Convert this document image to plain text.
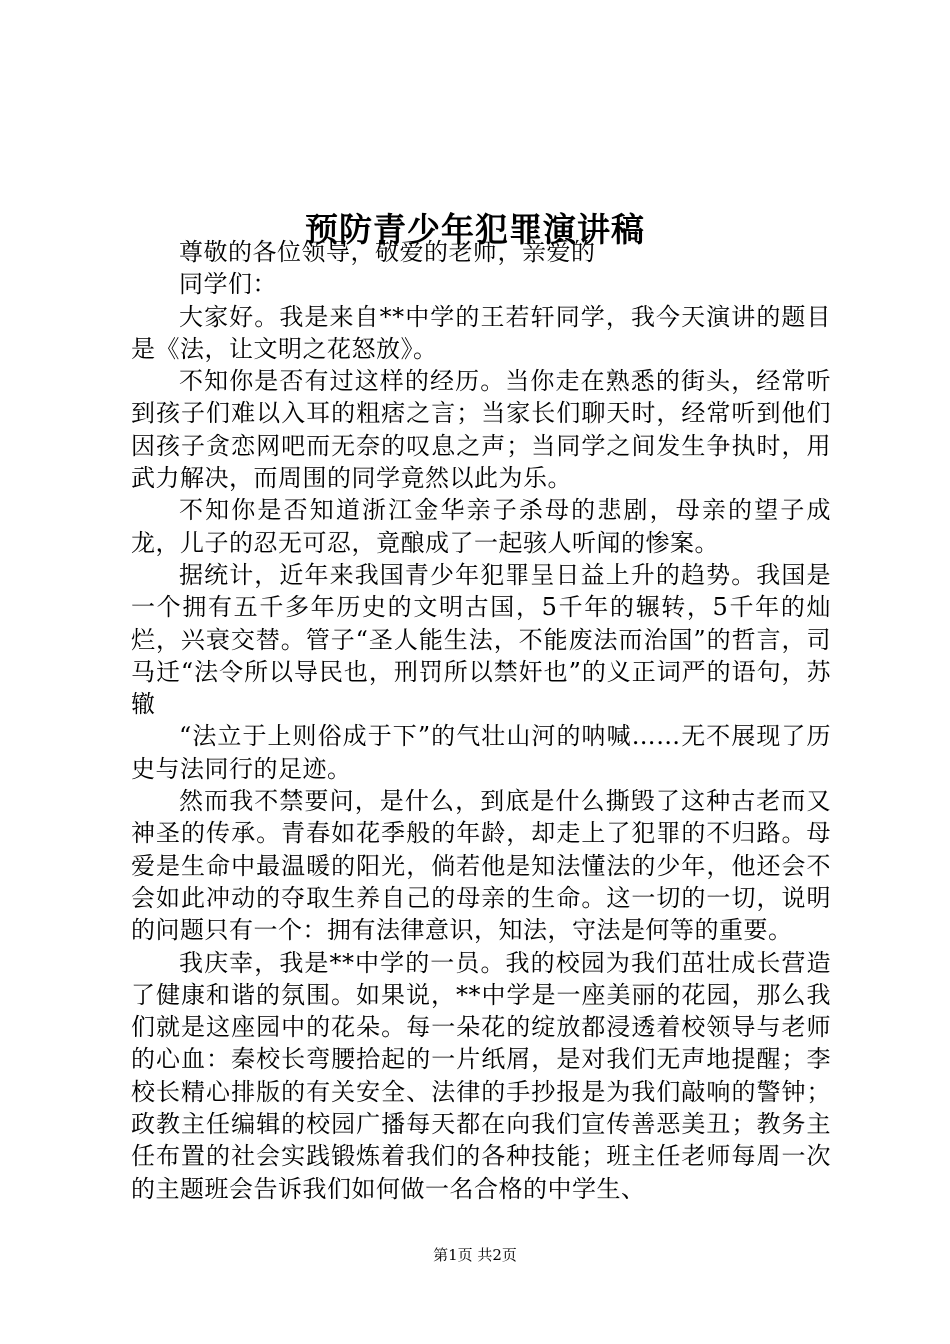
预防青少年犯罪演讲稿

尊敬的各位领导，敬爱的老师，亲爱的

同学们：

大家好。我是来自**中学的王若轩同学，我今天演讲的题目是《法，让文明之花怒放》。

不知你是否有过这样的经历。当你走在熟悉的街头，经常听到孩子们难以入耳的粗痞之言；当家长们聊天时，经常听到他们因孩子贪恋网吧而无奈的叹息之声；当同学之间发生争执时，用武力解决，而周围的同学竟然以此为乐。

不知你是否知道浙江金华亲子杀母的悲剧，母亲的望子成龙，儿子的忍无可忍，竟酿成了一起骇人听闻的惨案。

据统计，近年来我国青少年犯罪呈日益上升的趋势。我国是一个拥有五千多年历史的文明古国，5千年的辗转，5千年的灿烂，兴衰交替。管子“圣人能生法，不能废法而治国”的哲言，司马迁“法令所以导民也，刑罚所以禁奸也”的义正词严的语句，苏辙

“法立于上则俗成于下”的气壮山河的呐喊……无不展现了历史与法同行的足迹。

然而我不禁要问，是什么，到底是什么撕毁了这种古老而又神圣的传承。青春如花季般的年龄，却走上了犯罪的不归路。母爱是生命中最温暖的阳光，倘若他是知法懂法的少年，他还会不会如此冲动的夺取生养自己的母亲的生命。这一切的一切，说明的问题只有一个：拥有法律意识，知法，守法是何等的重要。

我庆幸，我是**中学的一员。我的校园为我们茁壮成长营造了健康和谐的氛围。如果说，**中学是一座美丽的花园，那么我们就是这座园中的花朵。每一朵花的绽放都浸透着校领导与老师的心血：秦校长弯腰拾起的一片纸屑，是对我们无声地提醒；李校长精心排版的有关安全、法律的手抄报是为我们敲响的警钟；政教主任编辑的校园广播每天都在向我们宣传善恶美丑；教务主任布置的社会实践锻炼着我们的各种技能；班主任老师每周一次的主题班会告诉我们如何做一名合格的中学生、

第1页 共2页
